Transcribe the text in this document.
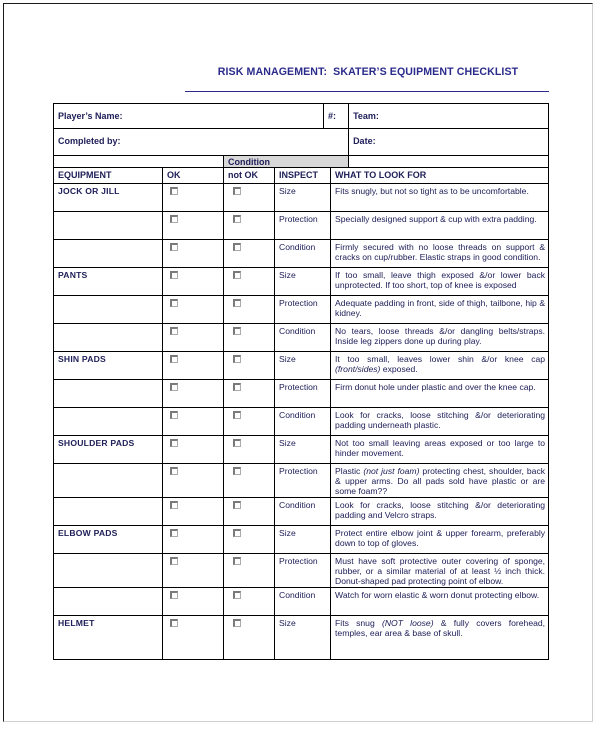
RISK MANAGEMENT:  SKATER’S EQUIPMENT CHECKLIST
Player’s Name:				#:		Team:
Completed by:						Date:
		Condition				
EQUIPMENT	OK	not OK	INSPECT		WHAT TO LOOK FOR	
JOCK OR JILL			Size		Fits snugly, but not so tight as to be uncomfortable.	
			Protection		Specially designed support & cup with extra padding.	
			Condition		Firmly secured with no loose threads on support & cracks on cup/rubber. Elastic straps in good condition.	
PANTS			Size		If too small, leave thigh exposed &/or lower back unprotected. If too short, top of knee is exposed	
			Protection		Adequate padding in front, side of thigh, tailbone, hip & kidney.	
			Condition		No tears, loose threads &/or dangling belts/straps. Inside leg zippers done up during play.	
SHIN PADS			Size		It too small, leaves lower shin &/or knee cap (front/sides) exposed.	
			Protection		Firm donut hole under plastic and over the knee cap.	
			Condition		Look for cracks, loose stitching &/or deteriorating padding underneath plastic.	
SHOULDER PADS			Size		Not too small leaving areas exposed or too large to hinder movement.	
			Protection		Plastic (not just foam) protecting chest, shoulder, back & upper arms. Do all pads sold have plastic or are some foam??	
			Condition		Look for cracks, loose stitching &/or deteriorating padding and Velcro straps.	
ELBOW PADS			Size		Protect entire elbow joint & upper forearm, preferably down to top of gloves.	
			Protection		Must have soft protective outer covering of sponge, rubber, or a similar material of at least ½ inch thick. Donut-shaped pad protecting point of elbow.	
			Condition		Watch for worn elastic & worn donut protecting elbow.	
HELMET			Size		Fits snug (NOT loose) & fully covers forehead, temples, ear area & base of skull.	
